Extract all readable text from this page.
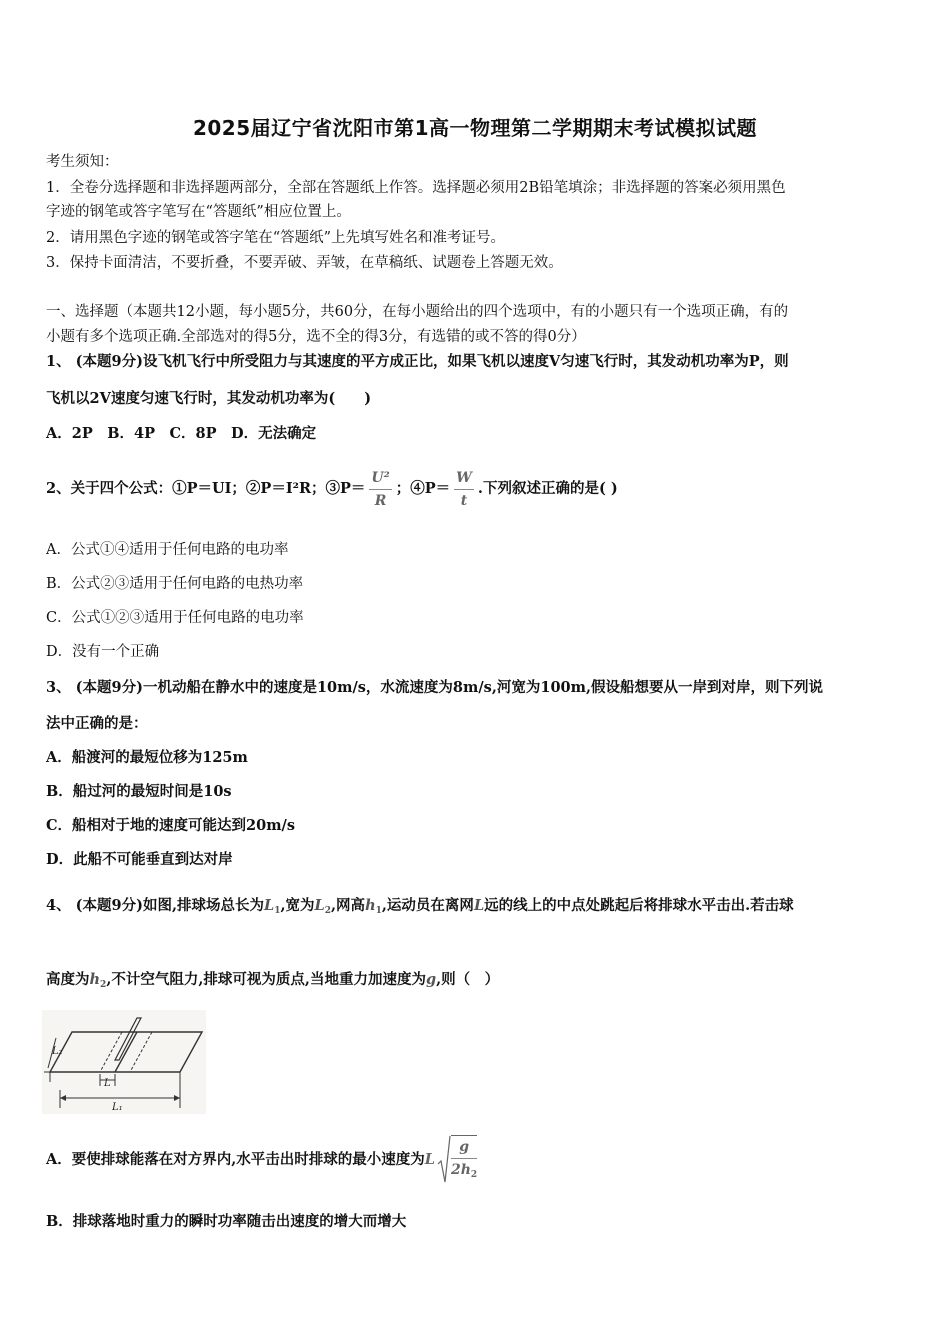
2025届辽宁省沈阳市第1高一物理第二学期期末考试模拟试题
考生须知：
1．全卷分选择题和非选择题两部分，全部在答题纸上作答。选择题必须用2B铅笔填涂；非选择题的答案必须用黑色
字迹的钢笔或答字笔写在“答题纸”相应位置上。
2．请用黑色字迹的钢笔或答字笔在“答题纸”上先填写姓名和准考证号。
3．保持卡面清洁，不要折叠，不要弄破、弄皱，在草稿纸、试题卷上答题无效。
一、选择题（本题共12小题，每小题5分，共60分，在每小题给出的四个选项中，有的小题只有一个选项正确，有的
小题有多个选项正确.全部选对的得5分，选不全的得3分，有选错的或不答的得0分）
1、 (本题9分)设飞机飞行中所受阻力与其速度的平方成正比，如果飞机以速度V匀速飞行时，其发动机功率为P，则
飞机以2V速度匀速飞行时，其发动机功率为(　　)
A．2P　B．4P　C．8P　D．无法确定
2、关于四个公式：①P＝UI；②P＝I²R；③P＝ $\frac{\text{U²}}{R}$ ；④P＝ $\frac{W}{t}$ .下列叙述正确的是( )
A．公式①④适用于任何电路的电功率
B．公式②③适用于任何电路的电热功率
C．公式①②③适用于任何电路的电功率
D．没有一个正确
3、 (本题9分)一机动船在静水中的速度是10m/s，水流速度为8m/s,河宽为100m,假设船想要从一岸到对岸，则下列说
法中正确的是：
A．船渡河的最短位移为125m
B．船过河的最短时间是10s
C．船相对于地的速度可能达到20m/s
D．此船不可能垂直到达对岸
4、 (本题9分)如图,排球场总长为$L_1$,宽为$L_2$,网高$h_1$,运动员在离网L远的线上的中点处跳起后将排球水平击出.若击球
高度为$h_2$,不计空气阻力,排球可视为质点,当地重力加速度为g,则（　）
L₂
L
L₁
A．要使排球能落在对方界内,水平击出时排球的最小速度为 L $\frac{g}{2h_2}$
B．排球落地时重力的瞬时功率随击出速度的增大而增大
